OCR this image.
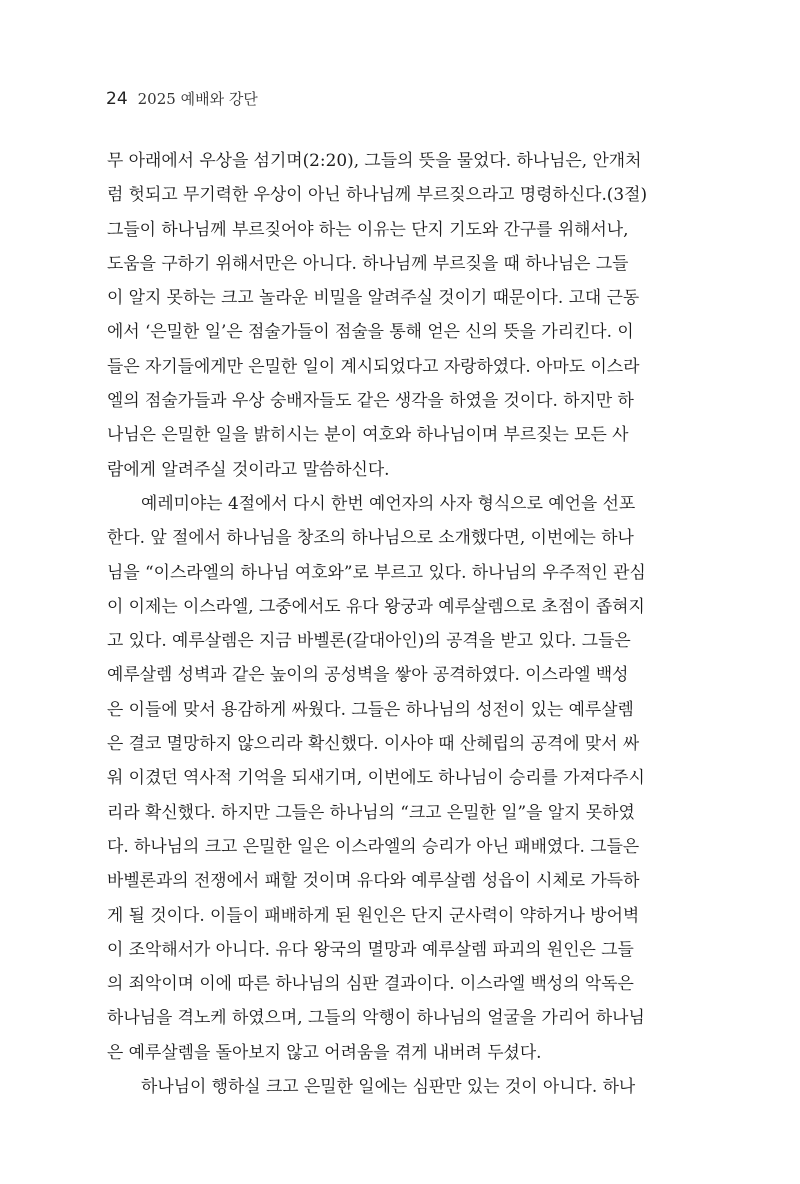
24 2025 예배와 강단
무 아래에서 우상을 섬기며(2:20), 그들의 뜻을 물었다. 하나님은, 안개처
럼 헛되고 무기력한 우상이 아닌 하나님께 부르짖으라고 명령하신다.(3절)
그들이 하나님께 부르짖어야 하는 이유는 단지 기도와 간구를 위해서나,
도움을 구하기 위해서만은 아니다. 하나님께 부르짖을 때 하나님은 그들
이 알지 못하는 크고 놀라운 비밀을 알려주실 것이기 때문이다. 고대 근동
에서 ‘은밀한 일’은 점술가들이 점술을 통해 얻은 신의 뜻을 가리킨다. 이
들은 자기들에게만 은밀한 일이 계시되었다고 자랑하였다. 아마도 이스라
엘의 점술가들과 우상 숭배자들도 같은 생각을 하였을 것이다. 하지만 하
나님은 은밀한 일을 밝히시는 분이 여호와 하나님이며 부르짖는 모든 사
람에게 알려주실 것이라고 말씀하신다.
예레미야는 4절에서 다시 한번 예언자의 사자 형식으로 예언을 선포
한다. 앞 절에서 하나님을 창조의 하나님으로 소개했다면, 이번에는 하나
님을 “이스라엘의 하나님 여호와”로 부르고 있다. 하나님의 우주적인 관심
이 이제는 이스라엘, 그중에서도 유다 왕궁과 예루살렘으로 초점이 좁혀지
고 있다. 예루살렘은 지금 바벨론(갈대아인)의 공격을 받고 있다. 그들은
예루살렘 성벽과 같은 높이의 공성벽을 쌓아 공격하였다. 이스라엘 백성
은 이들에 맞서 용감하게 싸웠다. 그들은 하나님의 성전이 있는 예루살렘
은 결코 멸망하지 않으리라 확신했다. 이사야 때 산헤립의 공격에 맞서 싸
워 이겼던 역사적 기억을 되새기며, 이번에도 하나님이 승리를 가져다주시
리라 확신했다. 하지만 그들은 하나님의 “크고 은밀한 일”을 알지 못하였
다. 하나님의 크고 은밀한 일은 이스라엘의 승리가 아닌 패배였다. 그들은
바벨론과의 전쟁에서 패할 것이며 유다와 예루살렘 성읍이 시체로 가득하
게 될 것이다. 이들이 패배하게 된 원인은 단지 군사력이 약하거나 방어벽
이 조악해서가 아니다. 유다 왕국의 멸망과 예루살렘 파괴의 원인은 그들
의 죄악이며 이에 따른 하나님의 심판 결과이다. 이스라엘 백성의 악독은
하나님을 격노케 하였으며, 그들의 악행이 하나님의 얼굴을 가리어 하나님
은 예루살렘을 돌아보지 않고 어려움을 겪게 내버려 두셨다.
하나님이 행하실 크고 은밀한 일에는 심판만 있는 것이 아니다. 하나
